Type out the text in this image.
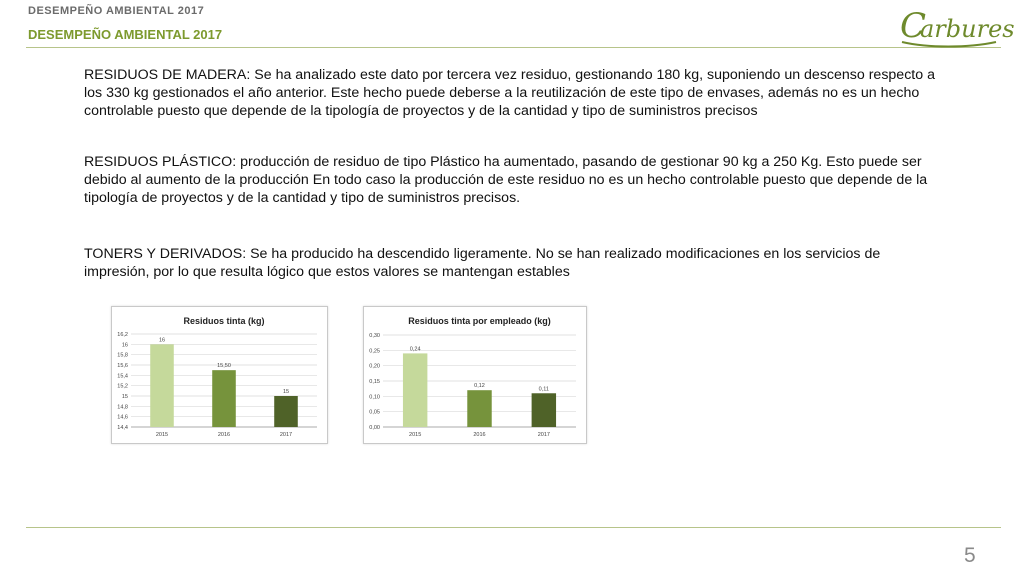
DESEMPEÑO AMBIENTAL 2017
DESEMPEÑO AMBIENTAL 2017	C
arbures
RESIDUOS DE MADERA: Se ha analizado este dato por tercera vez residuo, gestionando 180 kg, suponiendo un descenso respecto a los 330 kg gestionados el año anterior. Este hecho puede deberse a la reutilización de este tipo de envases, además no es un hecho controlable puesto que depende de la tipología de proyectos y de la cantidad y tipo de suministros precisos
RESIDUOS PLÁSTICO: producción de residuo de tipo Plástico ha aumentado, pasando de gestionar 90 kg a 250 Kg. Esto puede ser debido al aumento de la producción En todo caso la producción de este residuo no es un hecho controlable puesto que depende de la tipología de proyectos y de la cantidad y tipo de suministros precisos.
TONERS Y DERIVADOS: Se ha producido ha descendido ligeramente. No se han realizado modificaciones en los servicios de impresión, por lo que resulta lógico que estos valores se mantengan estables
Residuos tinta (kg)
14,4
14,6
14,8
15
15,2
15,4
15,6
15,8
16
16,2
16
2015
15,50
2016
15
2017
Residuos tinta por empleado (kg)
0,00
0,05
0,10
0,15
0,20
0,25
0,30
0,24
2015
0,12
2016
0,11
2017
5
